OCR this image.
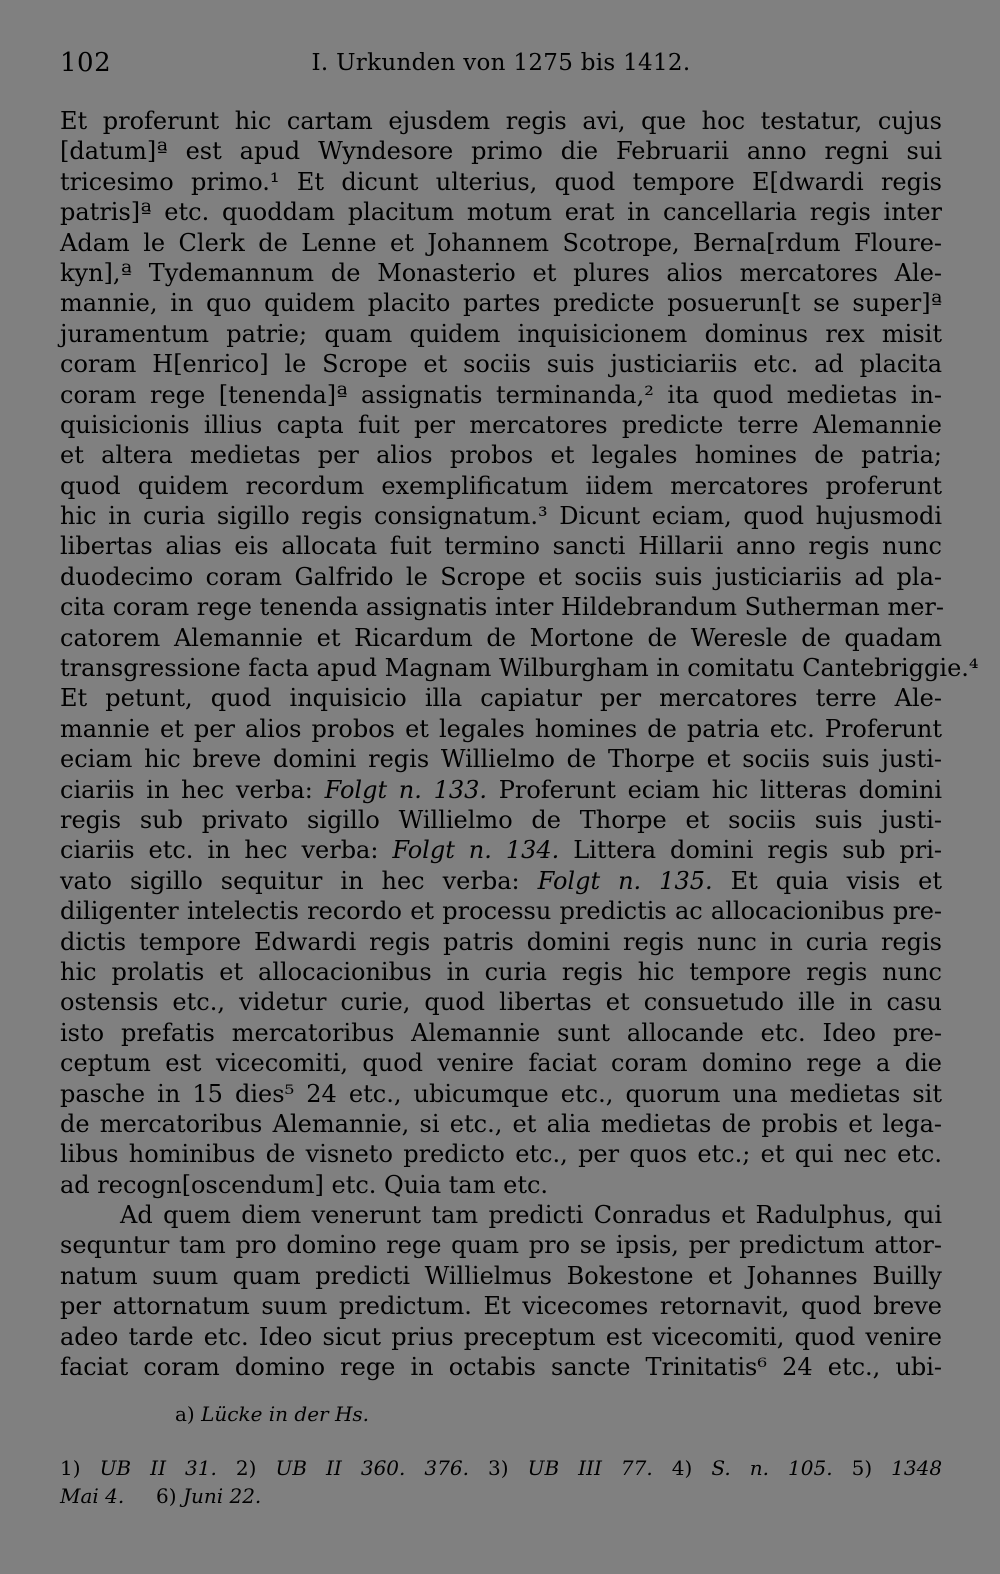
102	I. Urkunden von 1275 bis 1412.
Et proferunt hic cartam ejusdem regis avi, que hoc testatur, cujus
[datum]ª est apud Wyndesore primo die Februarii anno regni sui
tricesimo primo.¹ Et dicunt ulterius, quod tempore E[dwardi regis
patris]ª etc. quoddam placitum motum erat in cancellaria regis inter
Adam le Clerk de Lenne et Johannem Scotrope, Berna[rdum Floure-
kyn],ª Tydemannum de Monasterio et plures alios mercatores Ale-
mannie, in quo quidem placito partes predicte posuerun[t se super]ª
juramentum patrie; quam quidem inquisicionem dominus rex misit
coram H[enrico] le Scrope et sociis suis justiciariis etc. ad placita
coram rege [tenenda]ª assignatis terminanda,² ita quod medietas in-
quisicionis illius capta fuit per mercatores predicte terre Alemannie
et altera medietas per alios probos et legales homines de patria;
quod quidem recordum exemplificatum iidem mercatores proferunt
hic in curia sigillo regis consignatum.³ Dicunt eciam, quod hujusmodi
libertas alias eis allocata fuit termino sancti Hillarii anno regis nunc
duodecimo coram Galfrido le Scrope et sociis suis justiciariis ad pla-
cita coram rege tenenda assignatis inter Hildebrandum Sutherman mer-
catorem Alemannie et Ricardum de Mortone de Weresle de quadam
transgressione facta apud Magnam Wilburgham in comitatu Cantebriggie.⁴
Et petunt, quod inquisicio illa capiatur per mercatores terre Ale-
mannie et per alios probos et legales homines de patria etc. Proferunt
eciam hic breve domini regis Willielmo de Thorpe et sociis suis justi-
ciariis in hec verba: Folgt n. 133. Proferunt eciam hic litteras domini
regis sub privato sigillo Willielmo de Thorpe et sociis suis justi-
ciariis etc. in hec verba: Folgt n. 134. Littera domini regis sub pri-
vato sigillo sequitur in hec verba: Folgt n. 135. Et quia visis et
diligenter intelectis recordo et processu predictis ac allocacionibus pre-
dictis tempore Edwardi regis patris domini regis nunc in curia regis
hic prolatis et allocacionibus in curia regis hic tempore regis nunc
ostensis etc., videtur curie, quod libertas et consuetudo ille in casu
isto prefatis mercatoribus Alemannie sunt allocande etc. Ideo pre-
ceptum est vicecomiti, quod venire faciat coram domino rege a die
pasche in 15 dies⁵ 24 etc., ubicumque etc., quorum una medietas sit
de mercatoribus Alemannie, si etc., et alia medietas de probis et lega-
libus hominibus de visneto predicto etc., per quos etc.; et qui nec etc.
ad recogn[oscendum] etc. Quia tam etc.
Ad quem diem venerunt tam predicti Conradus et Radulphus, qui
sequntur tam pro domino rege quam pro se ipsis, per predictum attor-
natum suum quam predicti Willielmus Bokestone et Johannes Builly
per attornatum suum predictum. Et vicecomes retornavit, quod breve
adeo tarde etc. Ideo sicut prius preceptum est vicecomiti, quod venire
faciat coram domino rege in octabis sancte Trinitatis⁶ 24 etc., ubi-
a) Lücke in der Hs.
1) UB II 31. 2) UB II 360. 376. 3) UB III 77. 4) S. n. 105. 5) 1348
Mai 4. 6) Juni 22.
